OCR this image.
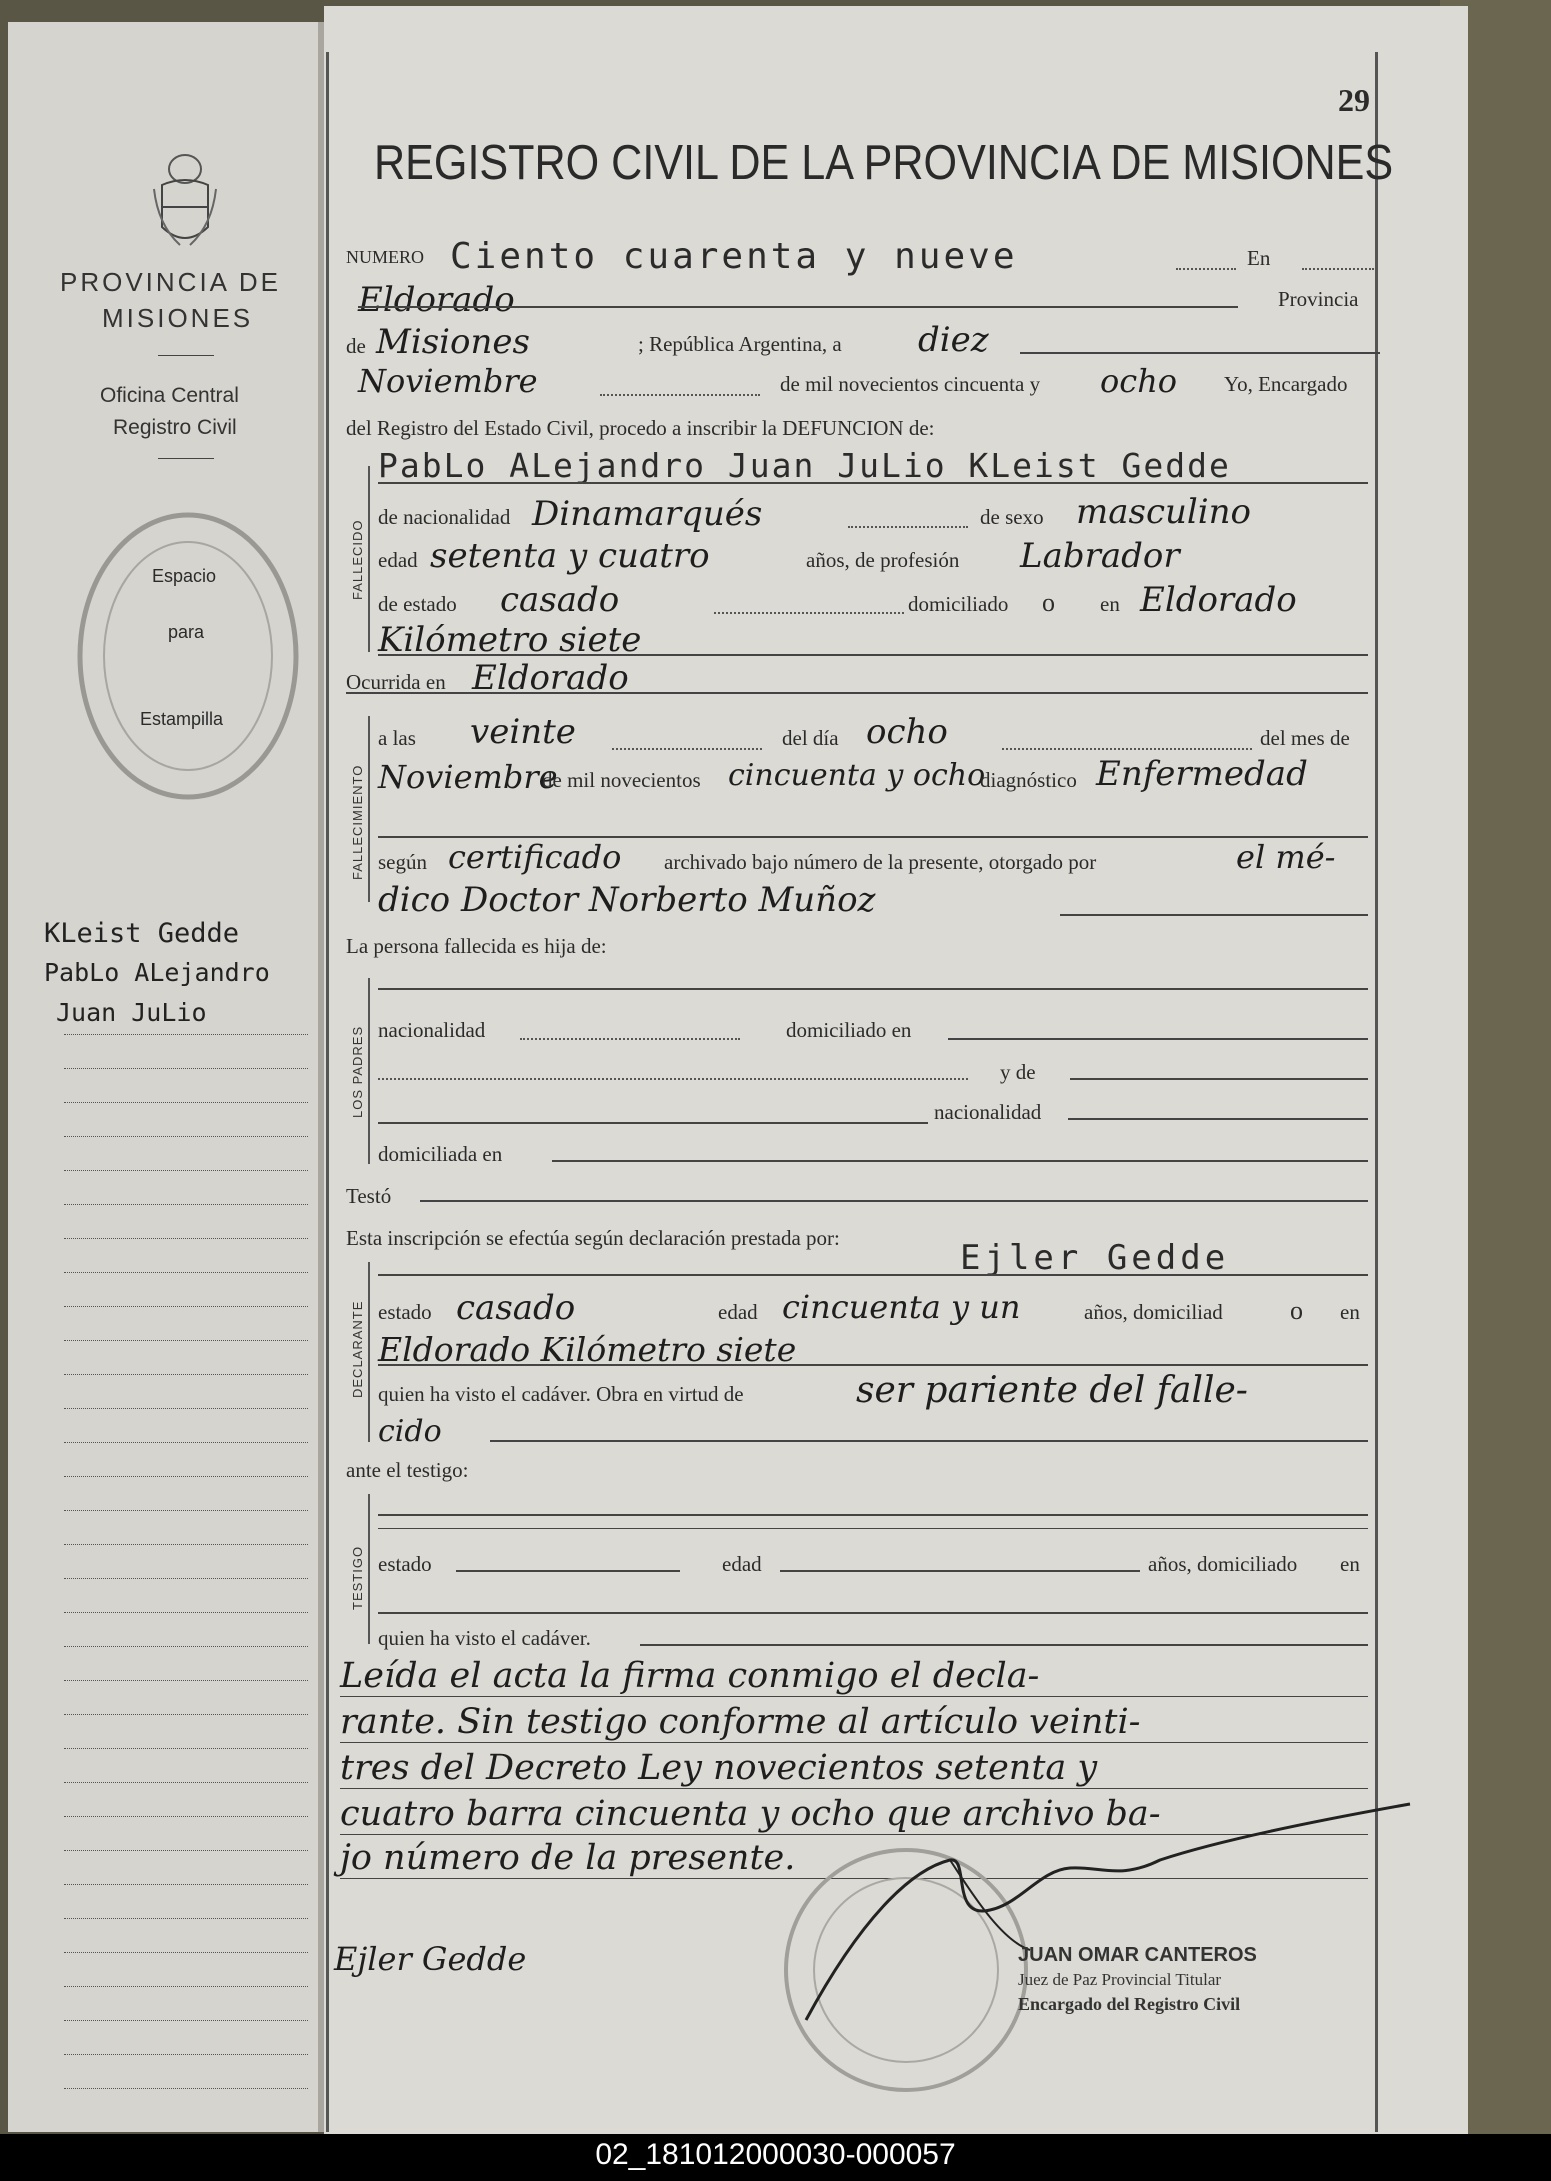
PROVINCIA DE
MISIONES
Oficina Central
Registro Civil
Espacio
para
Estampilla
KLeist Gedde
PabLo ALejandro
Juan JuLio
29
REGISTRO CIVIL DE LA PROVINCIA DE MISIONES
NUMERO Ciento cuarenta y nueve	En
Eldorado	Provincia
de Misiones	; República Argentina, a diez
Noviembre	de mil novecientos cincuenta y ocho Yo, Encargado
del Registro del Estado Civil, procedo a inscribir la DEFUNCION de:
FALLECIDO
PabLo ALejandro Juan JuLio KLeist Gedde
de nacionalidad Dinamarqués	de sexo masculino
edad setenta y cuatro	años, de profesión Labrador
de estado casado	domiciliado o en Eldorado
Kilómetro siete
Ocurrida en Eldorado
FALLECIMIENTO
a las veinte	del día ocho	del mes de
Noviembre
de mil novecientos cincuenta y ocho
diagnóstico Enfermedad
según certificado archivado bajo número de la presente, otorgado por	el mé-
dico Doctor Norberto Muñoz
La persona fallecida es hija de:
LOS PADRES nacionalidad	domiciliado en
y de
nacionalidad
domiciliada en
Testó
Esta inscripción se efectúa según declaración prestada por:
DECLARANTE
Ejler Gedde
estado casado	edad cincuenta y un	años, domiciliad	o en
Eldorado Kilómetro siete
quien ha visto el cadáver. Obra en virtud de	ser pariente del falle-
cido
ante el testigo:
TESTIGO estado	edad	años, domiciliado en
quien ha visto el cadáver.
Leída el acta la firma conmigo el decla-
rante. Sin testigo conforme al artículo veinti-
tres del Decreto Ley novecientos setenta y
cuatro barra cincuenta y ocho que archivo ba-
jo número de la presente.
Ejler Gedde	JUAN OMAR CANTEROS
Juez de Paz Provincial Titular
Encargado del Registro Civil
02_181012000030-000057
